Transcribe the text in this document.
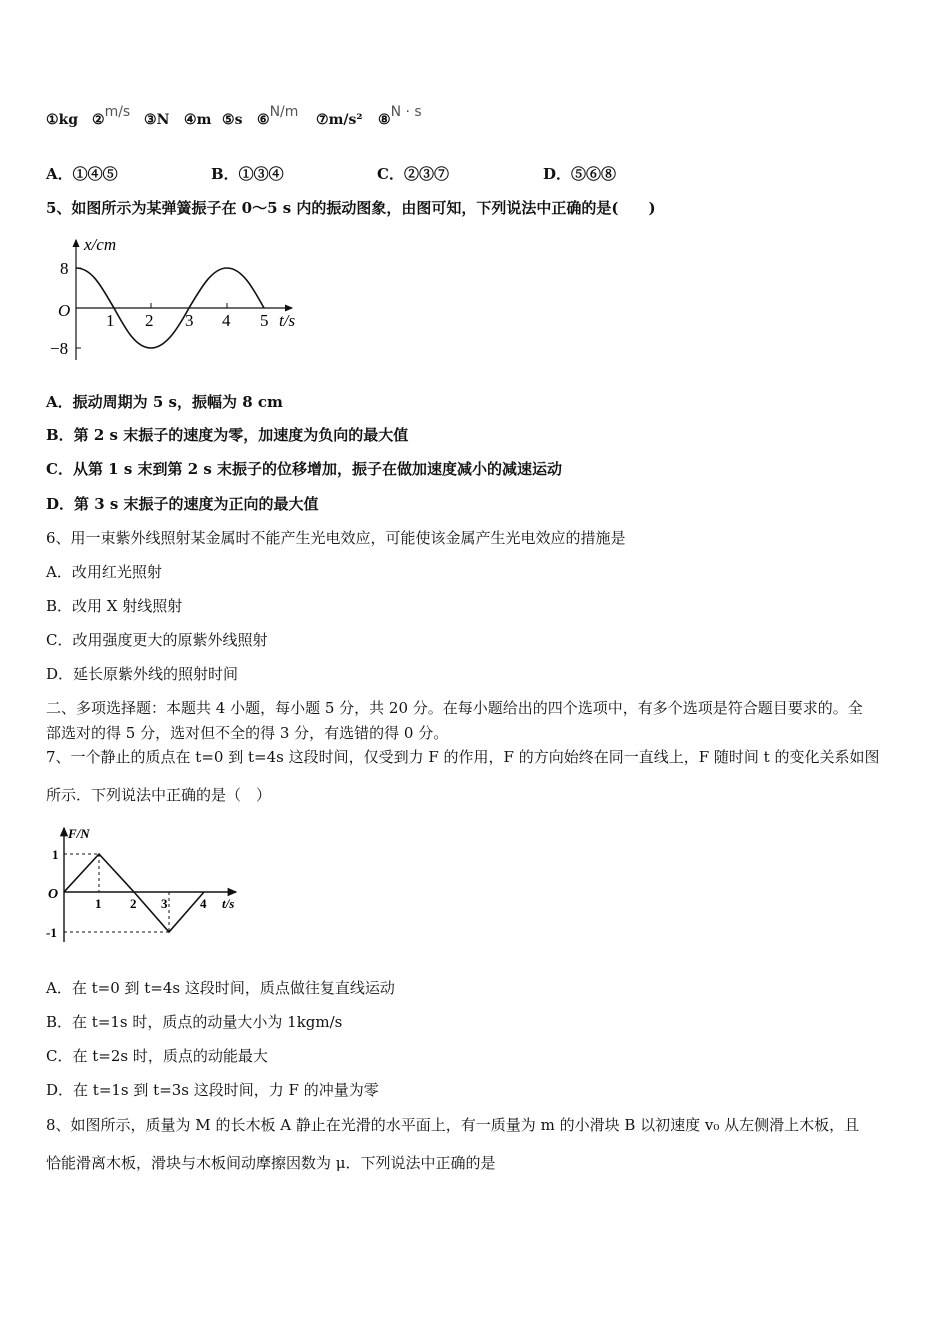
①kg ②m/s ③N ④m ⑤s ⑥N/m ⑦m/s² ⑧N · s
A．①④⑤	B．①③④	C．②③⑦	D．⑤⑥⑧
5、如图所示为某弹簧振子在 0～5 s 内的振动图象，由图可知，下列说法中正确的是(　　)
x/cm
t/s
O
8
−8
1 2 3 4 5
A．振动周期为 5 s，振幅为 8 cm
B．第 2 s 末振子的速度为零，加速度为负向的最大值
C．从第 1 s 末到第 2 s 末振子的位移增加，振子在做加速度减小的减速运动
D．第 3 s 末振子的速度为正向的最大值
6、用一束紫外线照射某金属时不能产生光电效应，可能使该金属产生光电效应的措施是
A．改用红光照射
B．改用 X 射线照射
C．改用强度更大的原紫外线照射
D．延长原紫外线的照射时间
二、多项选择题：本题共 4 小题，每小题 5 分，共 20 分。在每小题给出的四个选项中，有多个选项是符合题目要求的。全
部选对的得 5 分，选对但不全的得 3 分，有选错的得 0 分。
7、一个静止的质点在 t=0 到 t=4s 这段时间，仅受到力 F 的作用，F 的方向始终在同一直线上，F 随时间 t 的变化关系如图
所示．下列说法中正确的是（　）
F/N
t/s
O
1
-1
1 2 3	4
A．在 t=0 到 t=4s 这段时间，质点做往复直线运动
B．在 t=1s 时，质点的动量大小为 1kgm/s
C．在 t=2s 时，质点的动能最大
D．在 t=1s 到 t=3s 这段时间，力 F 的冲量为零
8、如图所示，质量为 M 的长木板 A 静止在光滑的水平面上，有一质量为 m 的小滑块 B 以初速度 v₀ 从左侧滑上木板，且
恰能滑离木板，滑块与木板间动摩擦因数为 μ．下列说法中正确的是
